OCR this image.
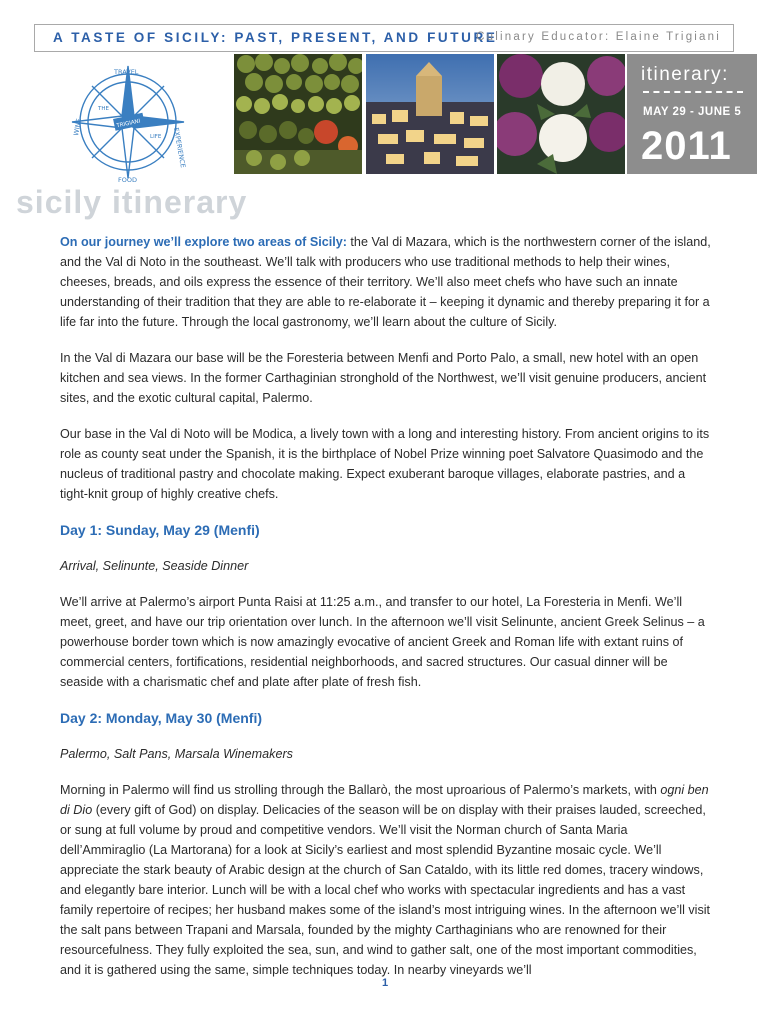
A TASTE OF SICILY: PAST, PRESENT, AND FUTURE
Culinary Educator: Elaine Trigiani
TRAVEL
EXPERIENCE
FOOD
WINE
THE
TRIGIANI
LIFE
itinerary:
MAY 29 - JUNE 5
2011
sicily itinerary

On our journey we’ll explore two areas of Sicily: the Val di Mazara, which is the northwestern corner of the island, and the Val di Noto in the southeast. We’ll talk with producers who use traditional methods to help their wines, cheeses, breads, and oils express the essence of their territory. We’ll also meet chefs who have such an innate understanding of their tradition that they are able to re-elaborate it – keeping it dynamic and thereby preparing it for a life far into the future. Through the local gastronomy, we’ll learn about the culture of Sicily.

In the Val di Mazara our base will be the Foresteria between Menfi and Porto Palo, a small, new hotel with an open kitchen and sea views. In the former Carthaginian stronghold of the Northwest, we’ll visit genuine producers, ancient sites, and the exotic cultural capital, Palermo.

Our base in the Val di Noto will be Modica, a lively town with a long and interesting history. From ancient origins to its role as county seat under the Spanish, it is the birthplace of Nobel Prize winning poet Salvatore Quasimodo and the nucleus of traditional pastry and chocolate making. Expect exuberant baroque villages, elaborate pastries, and a tight-knit group of highly creative chefs.

Day 1: Sunday, May 29 (Menfi)

Arrival, Selinunte, Seaside Dinner

We’ll arrive at Palermo’s airport Punta Raisi at 11:25 a.m., and transfer to our hotel, La Foresteria in Menfi. We’ll meet, greet, and have our trip orientation over lunch. In the afternoon we’ll visit Selinunte, ancient Greek Selinus – a powerhouse border town which is now amazingly evocative of ancient Greek and Roman life with extant ruins of commercial centers, fortifications, residential neighborhoods, and sacred structures. Our casual dinner will be seaside with a charismatic chef and plate after plate of fresh fish.

Day 2: Monday, May 30 (Menfi)

Palermo, Salt Pans, Marsala Winemakers

Morning in Palermo will find us strolling through the Ballarò, the most uproarious of Palermo’s markets, with ogni ben di Dio (every gift of God) on display. Delicacies of the season will be on display with their praises lauded, screeched, or sung at full volume by proud and competitive vendors. We’ll visit the Norman church of Santa Maria dell’Ammiraglio (La Martorana) for a look at Sicily’s earliest and most splendid Byzantine mosaic cycle. We’ll appreciate the stark beauty of Arabic design at the church of San Cataldo, with its little red domes, tracery windows, and elegantly bare interior. Lunch will be with a local chef who works with spectacular ingredients and has a vast family repertoire of recipes; her husband makes some of the island’s most intriguing wines. In the afternoon we’ll visit the salt pans between Trapani and Marsala, founded by the mighty Carthaginians who are renowned for their resourcefulness. They fully exploited the sea, sun, and wind to gather salt, one of the most important commodities, and it is gathered using the same, simple techniques today. In nearby vineyards we’ll

1
